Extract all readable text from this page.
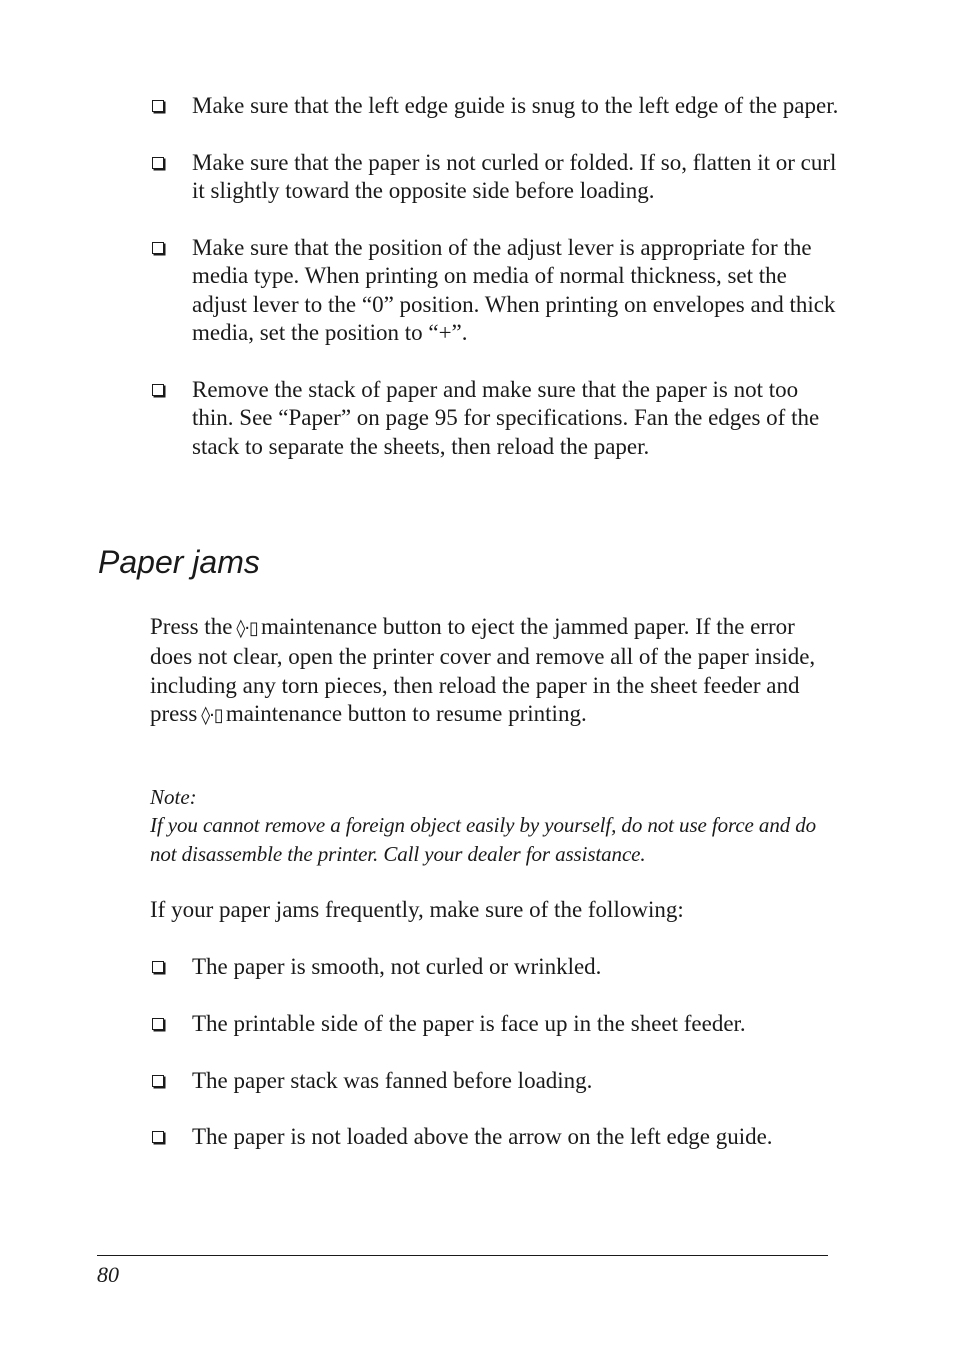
Make sure that the left edge guide is snug to the left edge of the paper.
Make sure that the paper is not curled or folded. If so, flatten it or curl it slightly toward the opposite side before loading.
Make sure that the position of the adjust lever is appropriate for the media type. When printing on media of normal thickness, set the adjust lever to the “0” position. When printing on envelopes and thick media, set the position to “+”.
Remove the stack of paper and make sure that the paper is not too thin. See “Paper” on page 95 for specifications. Fan the edges of the stack to separate the sheets, then reload the paper.
Paper jams

Press the ◊·▯ maintenance button to eject the jammed paper. If the error does not clear, open the printer cover and remove all of the paper inside, including any torn pieces, then reload the paper in the sheet feeder and press ◊·▯ maintenance button to resume printing.

Note:

If you cannot remove a foreign object easily by yourself, do not use force and do not disassemble the printer. Call your dealer for assistance.

If your paper jams frequently, make sure of the following:

The paper is smooth, not curled or wrinkled.
The printable side of the paper is face up in the sheet feeder.
The paper stack was fanned before loading.
The paper is not loaded above the arrow on the left edge guide.
80
